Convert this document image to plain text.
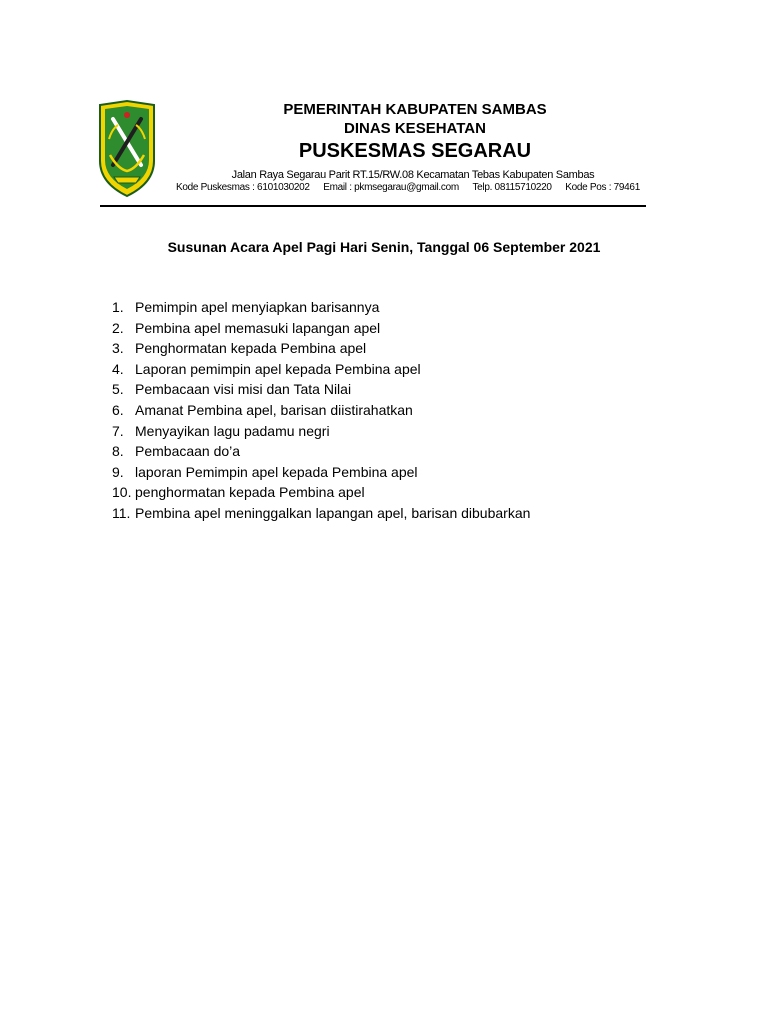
PEMERINTAH KABUPATEN SAMBAS
DINAS KESEHATAN
PUSKESMAS SEGARAU
Jalan Raya Segarau Parit RT.15/RW.08 Kecamatan Tebas Kabupaten Sambas
Kode Puskesmas : 6101030202 Email : pkmsegarau@gmail.com Telp. 08115710220 Kode Pos : 79461
Susunan Acara Apel Pagi Hari Senin, Tanggal 06 September 2021
1. Pemimpin apel menyiapkan barisannya
2. Pembina apel memasuki lapangan apel
3. Penghormatan kepada Pembina apel
4. Laporan pemimpin apel kepada Pembina apel
5. Pembacaan visi misi dan Tata Nilai
6. Amanat Pembina apel, barisan diistirahatkan
7. Menyayikan lagu padamu negri
8. Pembacaan do’a
9. laporan Pemimpin apel kepada Pembina apel
10. penghormatan kepada Pembina apel
11. Pembina apel meninggalkan lapangan apel, barisan dibubarkan
